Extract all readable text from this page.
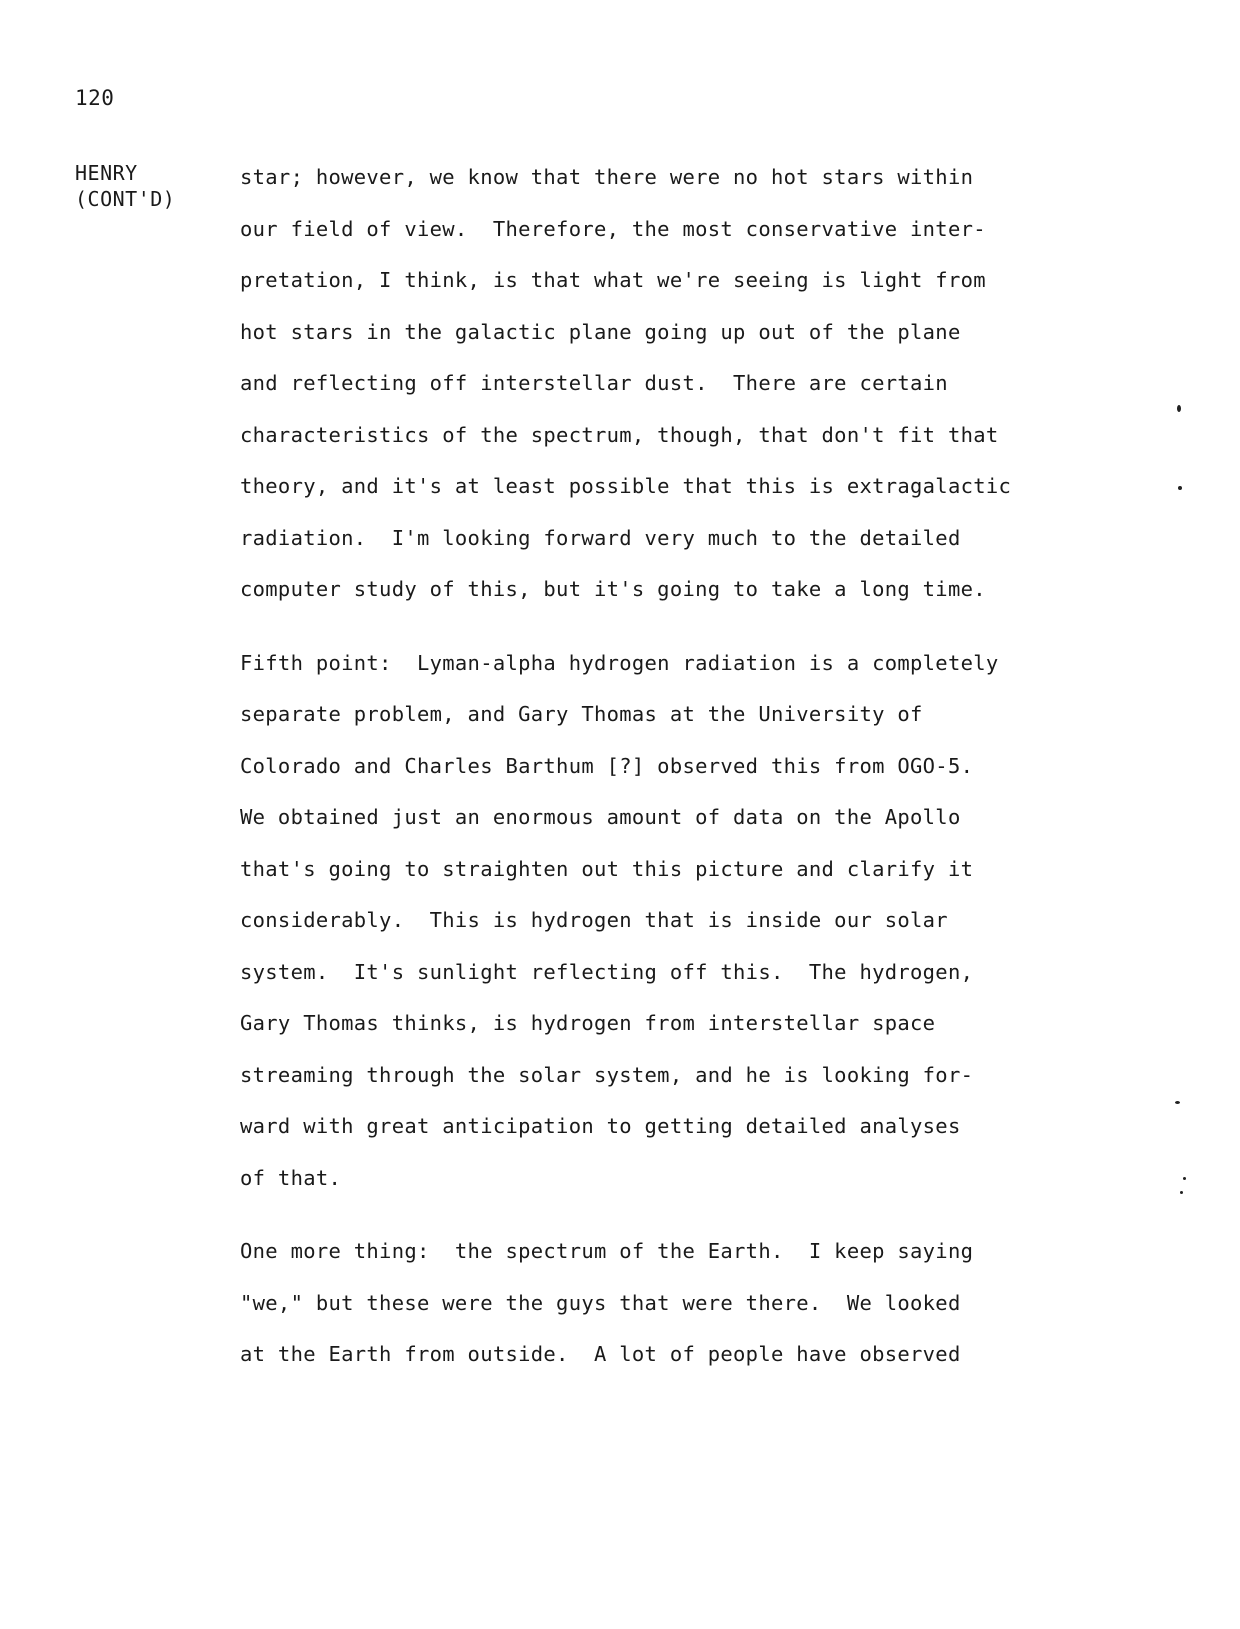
120
HENRY
(CONT'D)
star; however, we know that there were no hot stars within
our field of view.  Therefore, the most conservative inter-
pretation, I think, is that what we're seeing is light from
hot stars in the galactic plane going up out of the plane
and reflecting off interstellar dust.  There are certain
characteristics of the spectrum, though, that don't fit that
theory, and it's at least possible that this is extragalactic
radiation.  I'm looking forward very much to the detailed
computer study of this, but it's going to take a long time.
Fifth point:  Lyman-alpha hydrogen radiation is a completely
separate problem, and Gary Thomas at the University of
Colorado and Charles Barthum [?] observed this from OGO-5.
We obtained just an enormous amount of data on the Apollo
that's going to straighten out this picture and clarify it
considerably.  This is hydrogen that is inside our solar
system.  It's sunlight reflecting off this.  The hydrogen,
Gary Thomas thinks, is hydrogen from interstellar space
streaming through the solar system, and he is looking for-
ward with great anticipation to getting detailed analyses
of that.
One more thing:  the spectrum of the Earth.  I keep saying
"we," but these were the guys that were there.  We looked
at the Earth from outside.  A lot of people have observed
